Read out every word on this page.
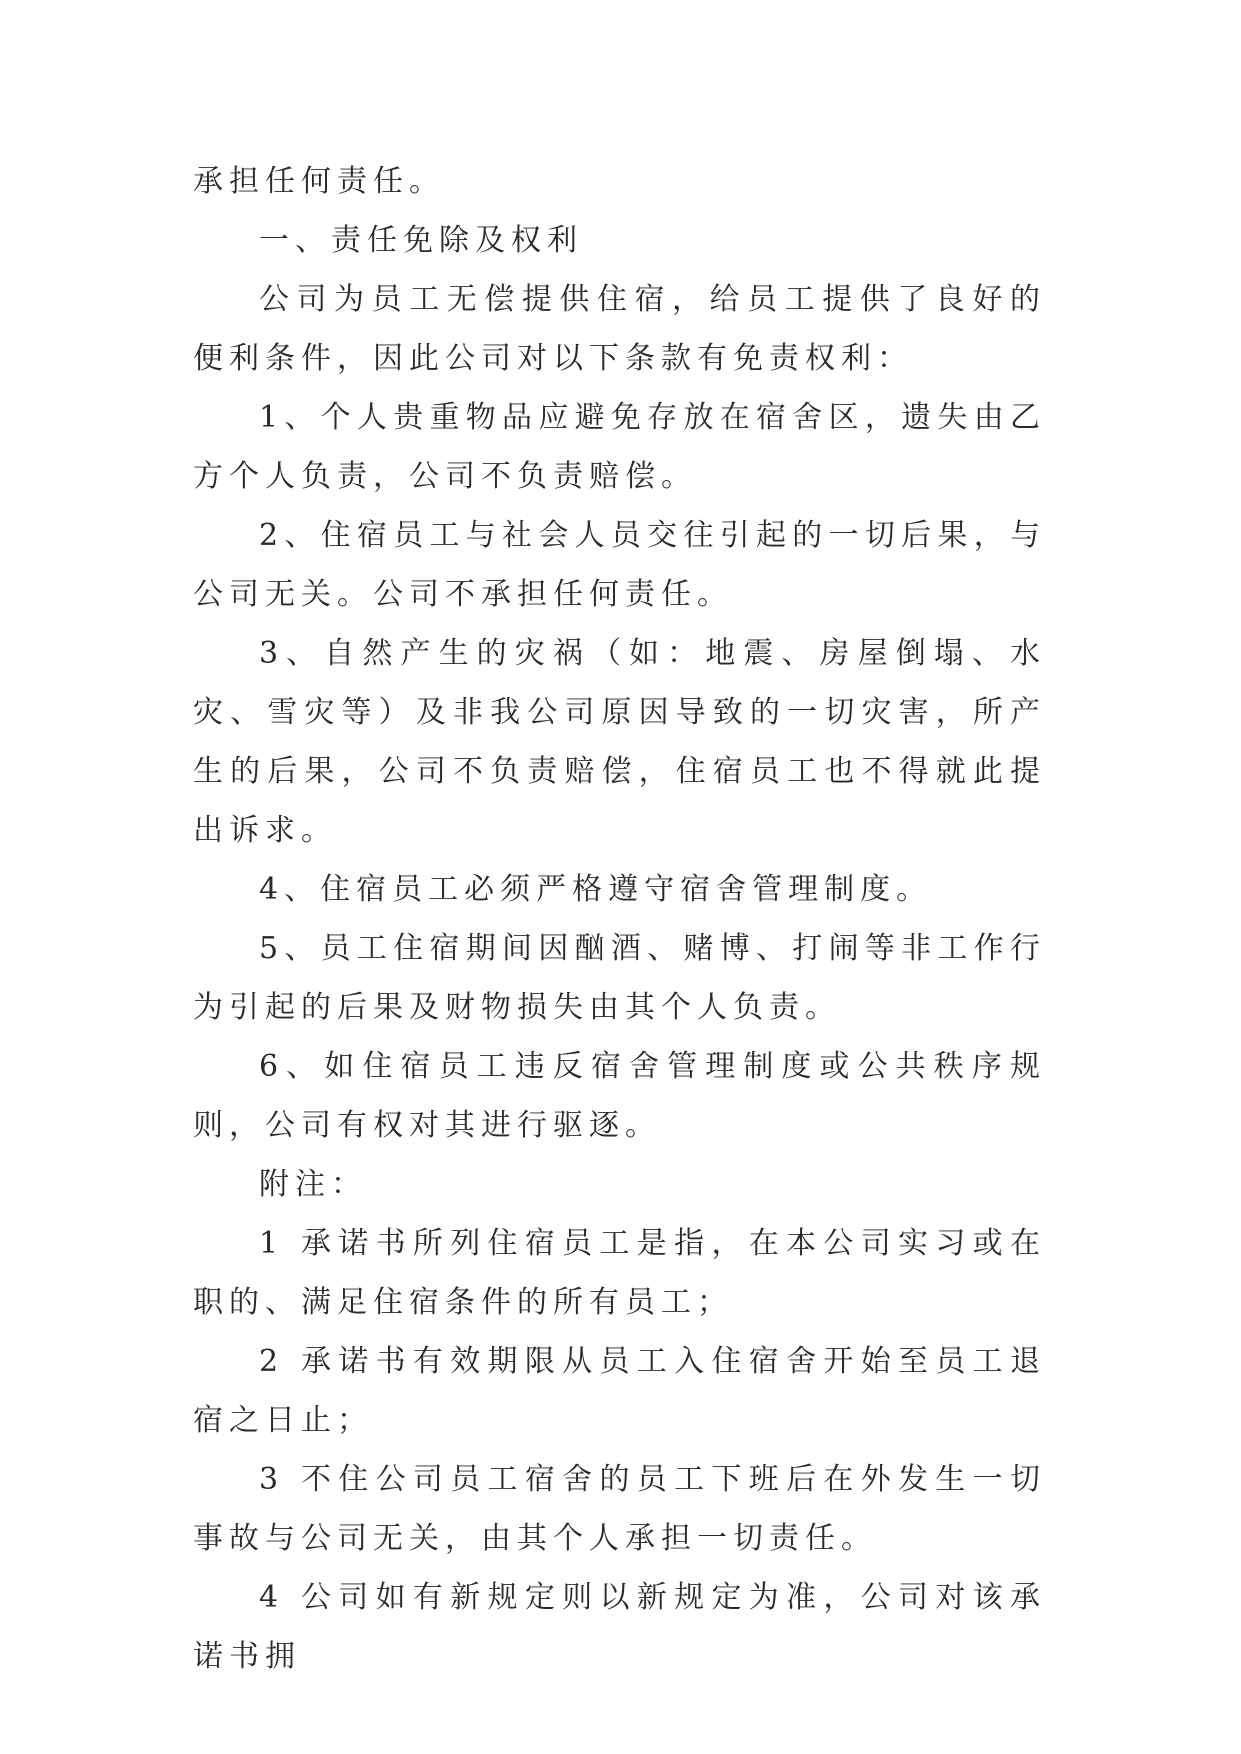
承担任何责任。

一、责任免除及权利

公司为员工无偿提供住宿，给员工提供了良好的便利条件，因此公司对以下条款有免责权利：

1、个人贵重物品应避免存放在宿舍区，遗失由乙方个人负责，公司不负责赔偿。

2、住宿员工与社会人员交往引起的一切后果，与公司无关。公司不承担任何责任。

3、自然产生的灾祸（如：地震、房屋倒塌、水灾、雪灾等）及非我公司原因导致的一切灾害，所产生的后果，公司不负责赔偿，住宿员工也不得就此提出诉求。

4、住宿员工必须严格遵守宿舍管理制度。

5、员工住宿期间因酗酒、赌博、打闹等非工作行为引起的后果及财物损失由其个人负责。

6、如住宿员工违反宿舍管理制度或公共秩序规则，公司有权对其进行驱逐。

附注：

1 承诺书所列住宿员工是指，在本公司实习或在职的、满足住宿条件的所有员工；

2 承诺书有效期限从员工入住宿舍开始至员工退宿之日止；

3 不住公司员工宿舍的员工下班后在外发生一切事故与公司无关，由其个人承担一切责任。

4 公司如有新规定则以新规定为准，公司对该承诺书拥
